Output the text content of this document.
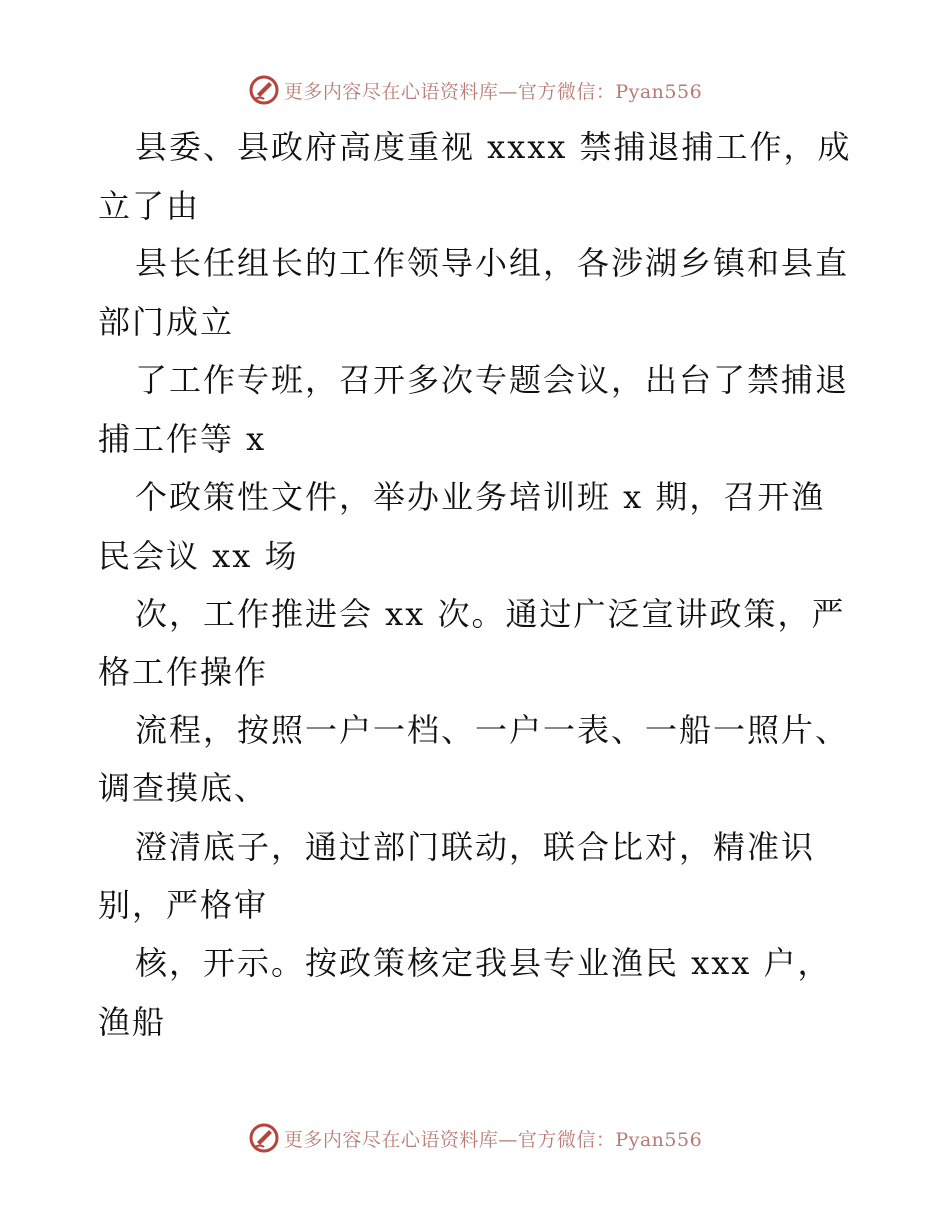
更多内容尽在心语资料库—官方微信：Pyan556
县委、县政府高度重视 xxxx 禁捕退捕工作，成
立了由
县长任组长的工作领导小组，各涉湖乡镇和县直
部门成立
了工作专班，召开多次专题会议，出台了禁捕退
捕工作等 x
个政策性文件，举办业务培训班 x 期，召开渔
民会议 xx 场
次，工作推进会 xx 次。通过广泛宣讲政策，严
格工作操作
流程，按照一户一档、一户一表、一船一照片、
调查摸底、
澄清底子，通过部门联动，联合比对，精准识
别，严格审
核，开示。按政策核定我县专业渔民 xxx 户，
渔船
更多内容尽在心语资料库—官方微信：Pyan556
